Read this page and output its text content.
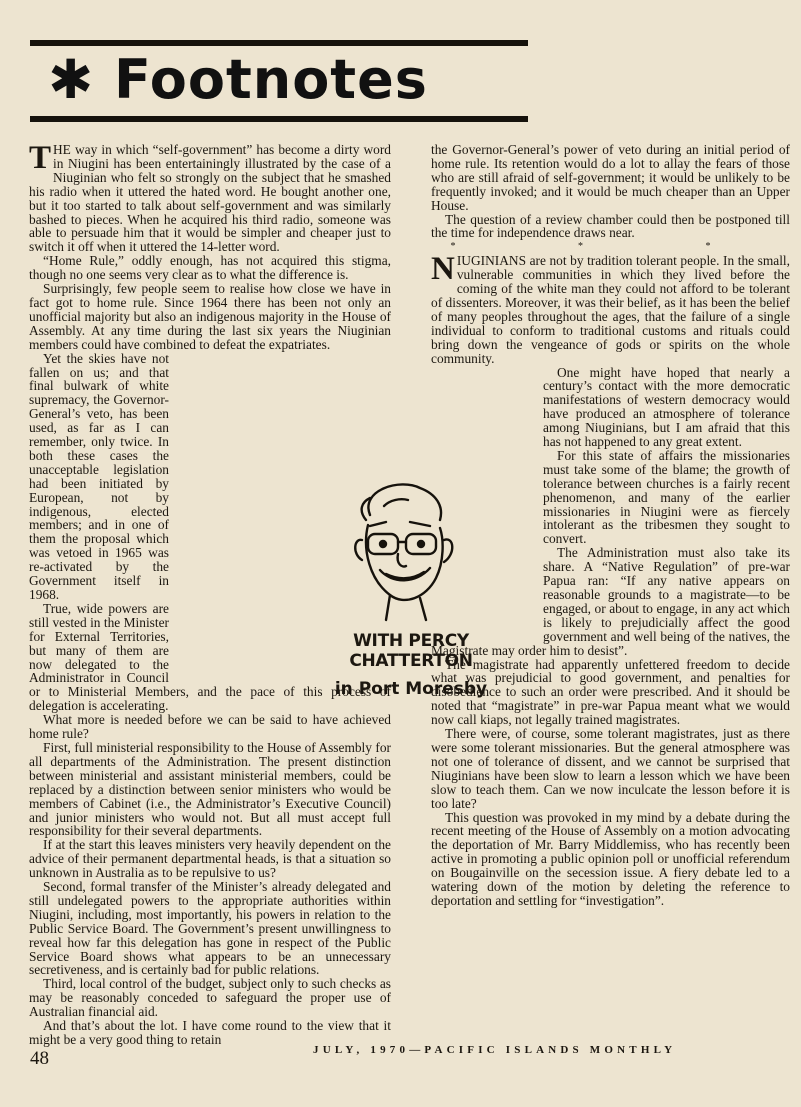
✱ Footnotes

THE way in which “self-government” has become a dirty word in Niugini has been entertainingly illustrated by the case of a Niuginian who felt so strongly on the subject that he smashed his radio when it uttered the hated word. He bought another one, but it too started to talk about self-government and was similarly bashed to pieces. When he acquired his third radio, someone was able to persuade him that it would be simpler and cheaper just to switch it off when it uttered the 14-letter word.

“Home Rule,” oddly enough, has not acquired this stigma, though no one seems very clear as to what the difference is.

Surprisingly, few people seem to realise how close we have in fact got to home rule. Since 1964 there has been not only an unofficial majority but also an indigenous majority in the House of Assembly. At any time during the last six years the Niuginian members could have combined to defeat the expatriates.

Yet the skies have not fallen on us; and that final bulwark of white supremacy, the Governor-General’s veto, has been used, as far as I can remember, only twice. In both these cases the unacceptable legislation had been initiated by European, not by indigenous, elected members; and in one of them the proposal which was vetoed in 1965 was re-activated by the Government itself in 1968.

True, wide powers are still vested in the Minister for External Territories, but many of them are now delegated to the Administrator in Council or to Ministerial Members, and the pace of this process of delegation is accelerating.

What more is needed before we can be said to have achieved home rule?

First, full ministerial responsibility to the House of Assembly for all departments of the Administration. The present distinction between ministerial and assistant ministerial members, could be replaced by a distinction between senior ministers who would be members of Cabinet (i.e., the Administrator’s Executive Council) and junior ministers who would not. But all must accept full responsibility for their several departments.

If at the start this leaves ministers very heavily dependent on the advice of their permanent departmental heads, is that a situation so unknown in Australia as to be repulsive to us?

Second, formal transfer of the Minister’s already delegated and still undelegated powers to the appropriate authorities within Niugini, including, most importantly, his powers in relation to the Public Service Board. The Government’s present unwillingness to reveal how far this delegation has gone in respect of the Public Service Board shows what appears to be an unnecessary secretiveness, and is certainly bad for public relations.

Third, local control of the budget, subject only to such checks as may be reasonably conceded to safeguard the proper use of Australian financial aid.

And that’s about the lot. I have come round to the view that it might be a very good thing to retain

the Governor-General’s power of veto during an initial period of home rule. Its retention would do a lot to allay the fears of those who are still afraid of self-government; it would be unlikely to be frequently invoked; and it would be much cheaper than an Upper House.

The question of a review chamber could then be postponed till the time for independence draws near.

* * *

NIUGINIANS are not by tradition tolerant people. In the small, vulnerable communities in which they lived before the coming of the white man they could not afford to be tolerant of dissenters. Moreover, it was their belief, as it has been the belief of many peoples throughout the ages, that the failure of a single individual to conform to traditional customs and rituals could bring down the vengeance of gods or spirits on the whole community.

One might have hoped that nearly a century’s contact with the more democratic manifestations of western democracy would have produced an atmosphere of tolerance among Niuginians, but I am afraid that this has not happened to any great extent.

For this state of affairs the missionaries must take some of the blame; the growth of tolerance between churches is a fairly recent phenomenon, and many of the earlier missionaries in Niugini were as fiercely intolerant as the tribesmen they sought to convert.

The Administration must also take its share. A “Native Regulation” of pre-war Papua ran: “If any native appears on reasonable grounds to a magistrate—to be engaged, or about to engage, in any act which is likely to prejudicially affect the good government and well being of the natives, the Magistrate may order him to desist”.

The magistrate had apparently unfettered freedom to decide what was prejudicial to good government, and penalties for disobedience to such an order were prescribed. And it should be noted that “magistrate” in pre-war Papua meant what we would now call kiaps, not legally trained magistrates.

There were, of course, some tolerant magistrates, just as there were some tolerant missionaries. But the general atmosphere was not one of tolerance of dissent, and we cannot be surprised that Niuginians have been slow to learn a lesson which we have been slow to teach them. Can we now inculcate the lesson before it is too late?

This question was provoked in my mind by a debate during the recent meeting of the House of Assembly on a motion advocating the deportation of Mr. Barry Middlemiss, who has recently been active in promoting a public opinion poll or unofficial referendum on Bougainville on the secession issue. A fiery debate led to a watering down of the motion by deleting the reference to deportation and settling for “investigation”.

WITH PERCY CHATTERTON
in Port Moresby
48	JULY, 1970—PACIFIC ISLANDS MONTHLY
